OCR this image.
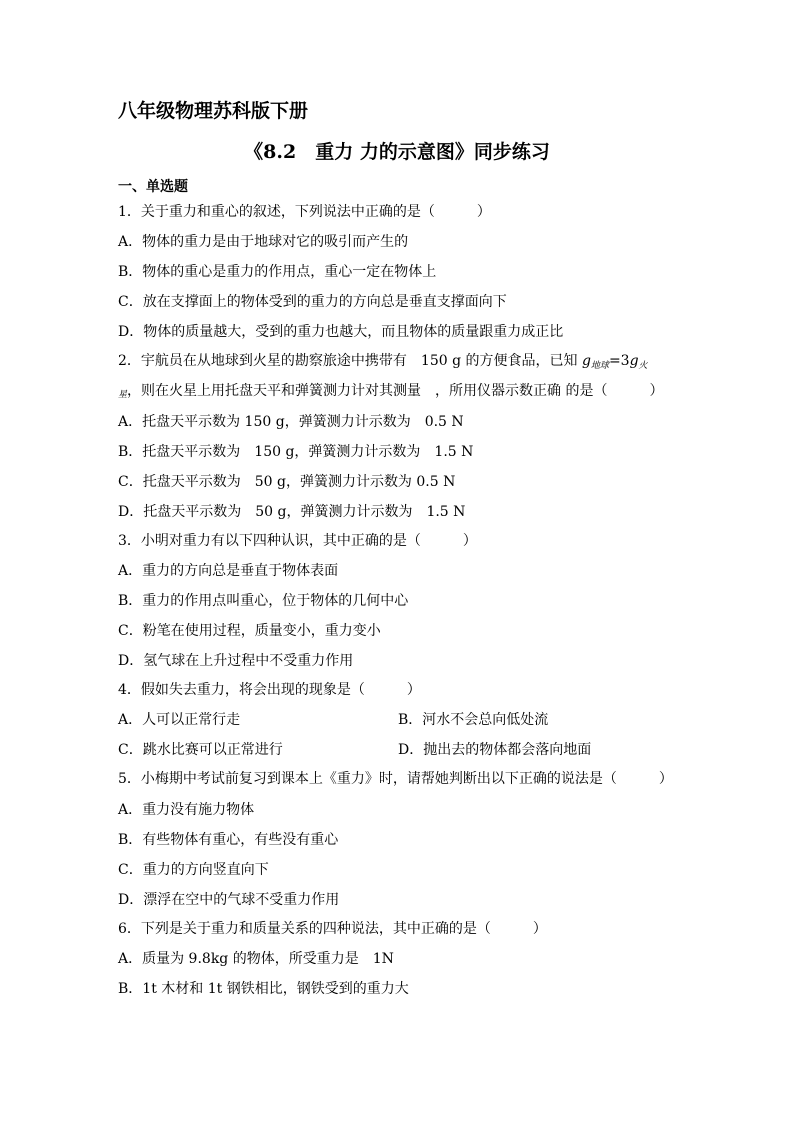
八年级物理苏科版下册
《8.2　重力 力的示意图》同步练习
一、单选题
1．关于重力和重心的叙述，下列说法中正确的是（　　　）
A．物体的重力是由于地球对它的吸引而产生的
B．物体的重心是重力的作用点，重心一定在物体上
C．放在支撑面上的物体受到的重力的方向总是垂直支撑面向下
D．物体的质量越大，受到的重力也越大，而且物体的质量跟重力成正比
2．宇航员在从地球到火星的勘察旅途中携带有　150 g 的方便食品，已知 $g_{地球}=3g_火$
星，则在火星上用托盘天平和弹簧测力计对其测量　，所用仪器示数正确 的是（　　　）
A．托盘天平示数为 150 g，弹簧测力计示数为　0.5 N
B．托盘天平示数为　150 g，弹簧测力计示数为　1.5 N
C．托盘天平示数为　50 g，弹簧测力计示数为 0.5 N
D．托盘天平示数为　50 g，弹簧测力计示数为　1.5 N
3．小明对重力有以下四种认识，其中正确的是（　　　）
A．重力的方向总是垂直于物体表面
B．重力的作用点叫重心，位于物体的几何中心
C．粉笔在使用过程，质量变小，重力变小
D．氢气球在上升过程中不受重力作用
4．假如失去重力，将会出现的现象是（　　　）
A．人可以正常行走	B．河水不会总向低处流
C．跳水比赛可以正常进行	D．抛出去的物体都会落向地面
5．小梅期中考试前复习到课本上《重力》时，请帮她判断出以下正确的说法是（　　　）
A．重力没有施力物体
B．有些物体有重心，有些没有重心
C．重力的方向竖直向下
D．漂浮在空中的气球不受重力作用
6．下列是关于重力和质量关系的四种说法，其中正确的是（　　　）
A．质量为 9.8kg 的物体，所受重力是　1N
B．1t 木材和 1t 钢铁相比，钢铁受到的重力大
